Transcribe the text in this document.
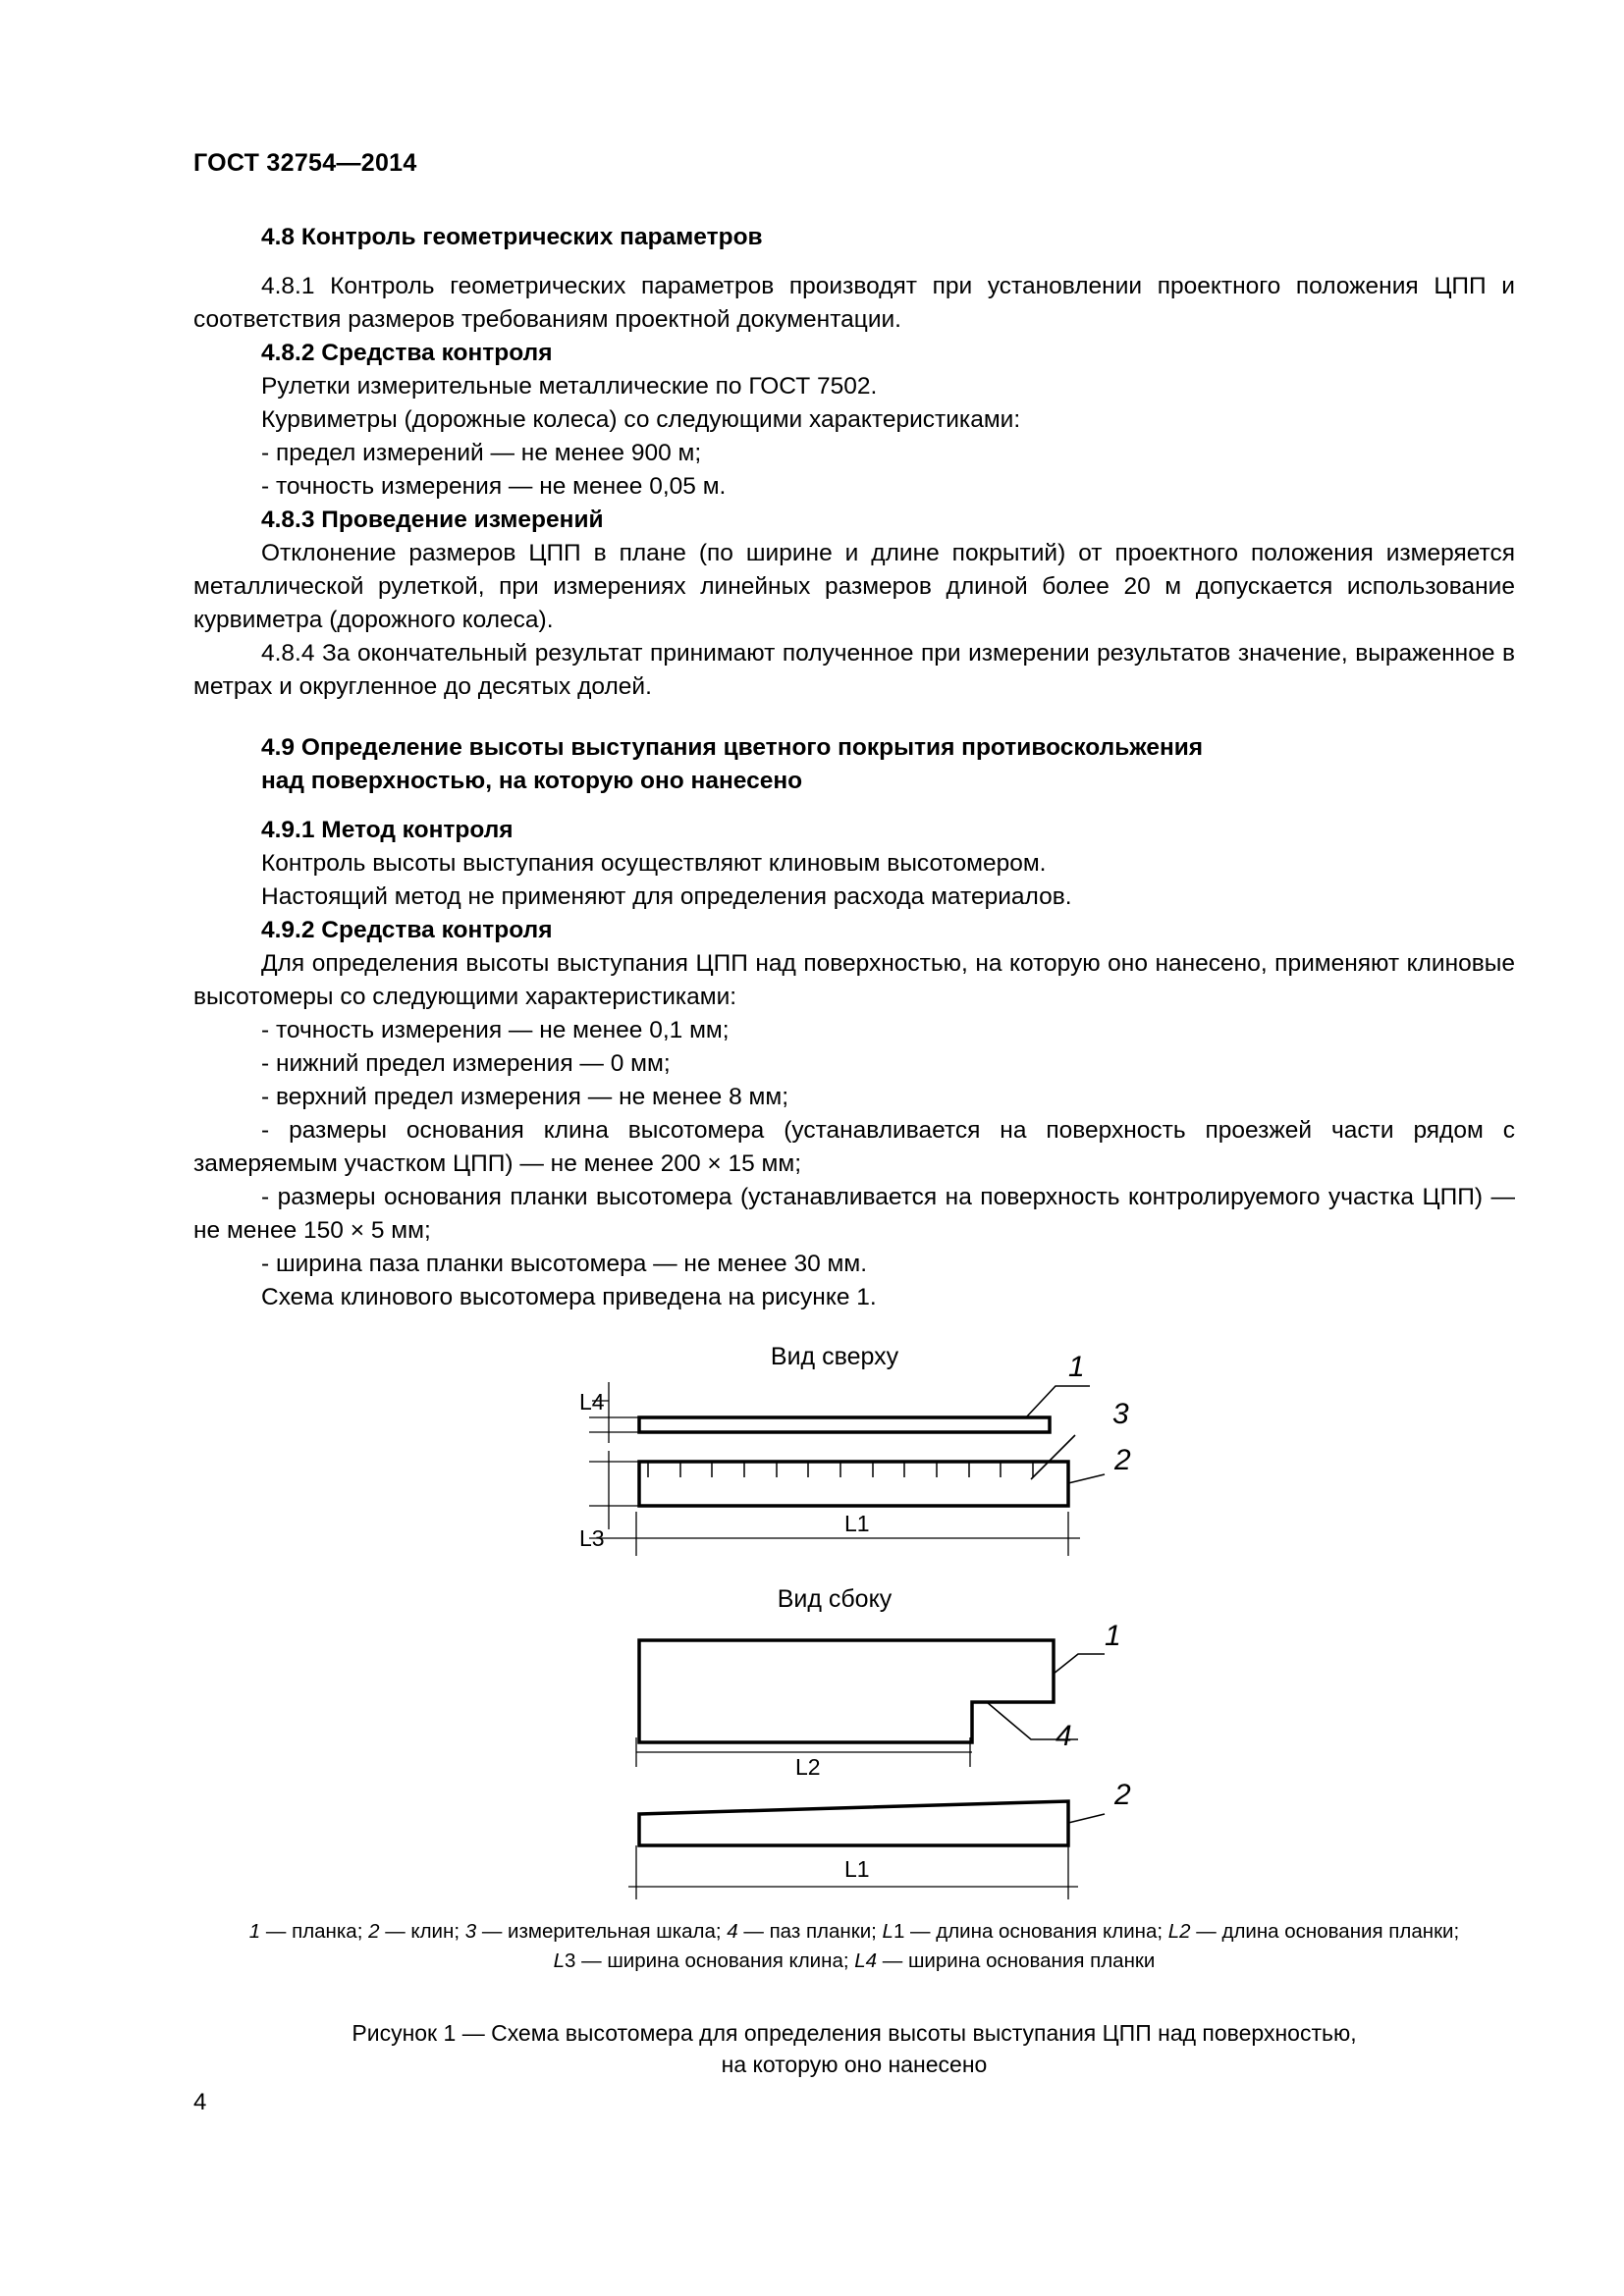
ГОСТ 32754—2014

4.8 Контроль геометрических параметров

4.8.1 Контроль геометрических параметров производят при установлении проектного положения ЦПП и соответствия размеров требованиям проектной документации.

4.8.2 Средства контроля

Рулетки измерительные металлические по ГОСТ 7502.

Курвиметры (дорожные колеса) со следующими характеристиками:

- предел измерений — не менее 900 м;

- точность измерения — не менее 0,05 м.

4.8.3 Проведение измерений

Отклонение размеров ЦПП в плане (по ширине и длине покрытий) от проектного положения измеряется металлической рулеткой, при измерениях линейных размеров длиной более 20 м допускается использование курвиметра (дорожного колеса).

4.8.4 За окончательный результат принимают полученное при измерении результатов значение, выраженное в метрах и округленное до десятых долей.

4.9 Определение высоты выступания цветного покрытия противоскольжения
над поверхностью, на которую оно нанесено

4.9.1 Метод контроля

Контроль высоты выступания осуществляют клиновым высотомером.

Настоящий метод не применяют для определения расхода материалов.

4.9.2 Средства контроля

Для определения высоты выступания ЦПП над поверхностью, на которую оно нанесено, применяют клиновые высотомеры со следующими характеристиками:

- точность измерения — не менее 0,1 мм;

- нижний предел измерения — 0 мм;

- верхний предел измерения — не менее 8 мм;

- размеры основания клина высотомера (устанавливается на поверхность проезжей части рядом с замеряемым участком ЦПП) — не менее 200 × 15 мм;

- размеры основания планки высотомера (устанавливается на поверхность контролируемого участка ЦПП) — не менее 150 × 5 мм;

- ширина паза планки высотомера — не менее 30 мм.

Схема клинового высотомера приведена на рисунке 1.

Вид сверху
Вид сбоку
1
3
2
1
4
2
L4
L3
L1
L2
L1
1 — планка; 2 — клин; 3 — измерительная шкала; 4 — паз планки; L1 — длина основания клина; L2 — длина основания планки;
L3 — ширина основания клина; L4 — ширина основания планки
Рисунок 1 — Схема высотомера для определения высоты выступания ЦПП над поверхностью,
на которую оно нанесено
4
